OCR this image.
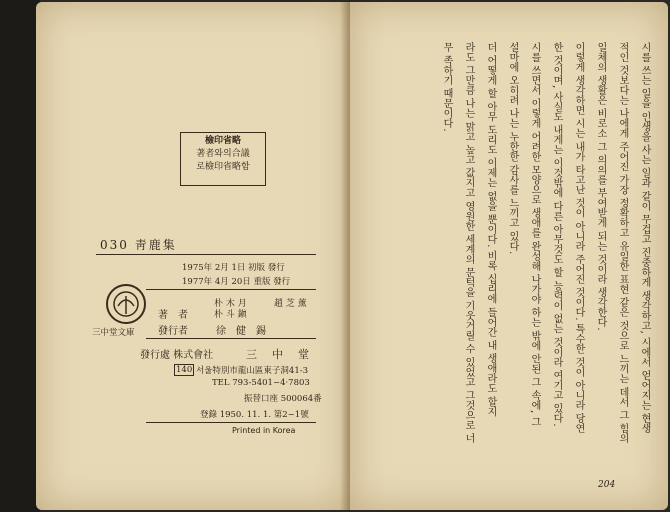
檢印省略
著者와의合議
로檢印省略함
030 靑鹿集
1975年 2月 1日 初版 發行
1977年 4月 20日 重版 發行
三中堂文庫
著　者
朴 木 月
朴 斗 鎭
趙 芝 薰
發行者	徐　健　錫
發行處 株式會社	三　中　堂
140 서울特別市龍山區東子洞41-3
TEL 793-5401~4·7803
振替口座 500064番
登錄 1950. 11. 1. 第2~1號
Printed in Korea	시를 쓰는 일을 인생을 사는 일과 같이 무겁고 진중하게 생각하고, 시에서 얻어지는 현생
적인 것보다는 나에게 주어진 가장 정확하고 유일한 표현 같은 것으로 느끼는 데서 그 힘의
일체의 생활은 비로소 그 의의를 부여받게 되는 것이라 생각한다.
이렇게 생각하면 시는 내가 타고난 것이 아니라 주어진 것이다. 특수한 것이 아니라 당연
한 것이며, 사실도 내게는 이것밖에 다른 아무것도 할 능력이 없는 것이라 여기고 있다.
시를 쓰면서 이렇게 어려한 모양으로 생애를 완성해 나가야 하는 밖에 안된 그 속에, 그
설마에 오히려 나는 누한한 감사를 느끼고 있다.
더 어떻게 할 아무 도리도 이제는 없을 뿐이다. 비록 십리에 들어간 내 생애라도 할지
라도 그만큼 나는 맑고 높고 값지고 영원한 세계의 문턱을 기웃거릴 수 있었고 그것으로 너
무 족하기 때문이다.
204
